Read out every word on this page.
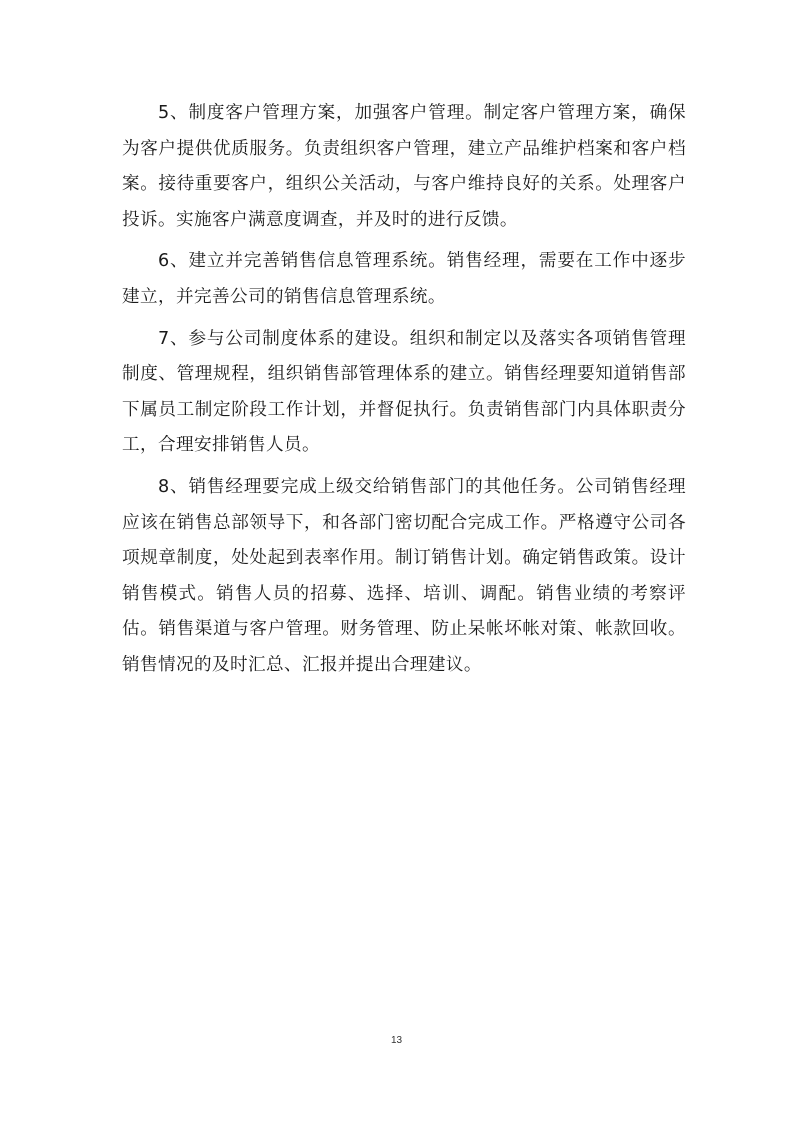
5、制度客户管理方案，加强客户管理。制定客户管理方案，确保为客户提供优质服务。负责组织客户管理，建立产品维护档案和客户档案。接待重要客户，组织公关活动，与客户维持良好的关系。处理客户投诉。实施客户满意度调查，并及时的进行反馈。

6、建立并完善销售信息管理系统。销售经理，需要在工作中逐步建立，并完善公司的销售信息管理系统。

7、参与公司制度体系的建设。组织和制定以及落实各项销售管理制度、管理规程，组织销售部管理体系的建立。销售经理要知道销售部下属员工制定阶段工作计划，并督促执行。负责销售部门内具体职责分工，合理安排销售人员。

8、销售经理要完成上级交给销售部门的其他任务。公司销售经理应该在销售总部领导下，和各部门密切配合完成工作。严格遵守公司各项规章制度，处处起到表率作用。制订销售计划。确定销售政策。设计销售模式。销售人员的招募、选择、培训、调配。销售业绩的考察评估。销售渠道与客户管理。财务管理、防止呆帐坏帐对策、帐款回收。销售情况的及时汇总、汇报并提出合理建议。

13
